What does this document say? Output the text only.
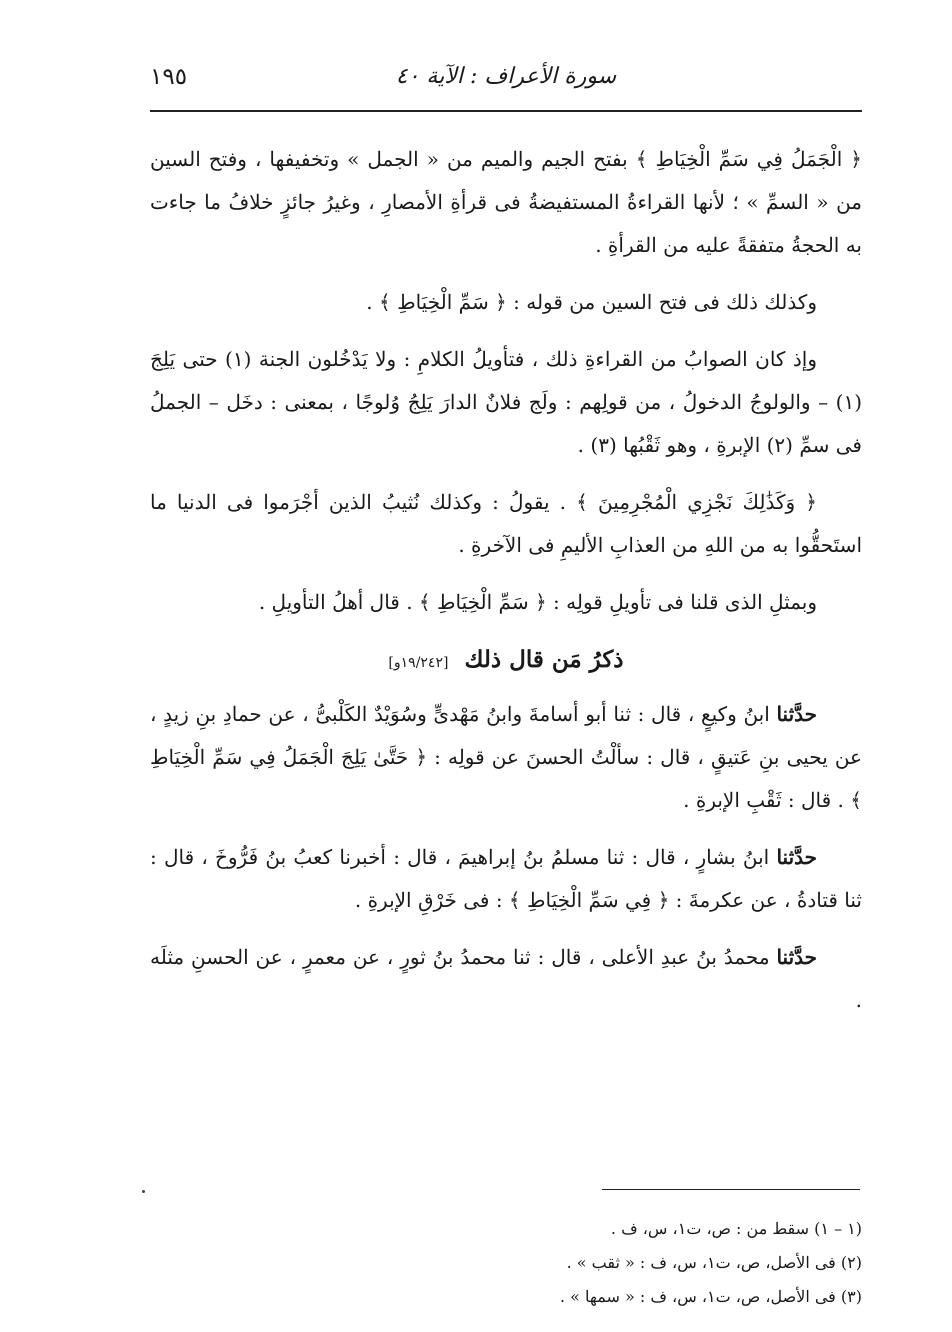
سورة الأعراف : الآية ٤٠
١٩٥

﴿ الْجَمَلُ فِي سَمِّ الْخِيَاطِ ﴾ بفتح الجيم والميم من « الجمل » وتخفيفها ، وفتح السين من « السمِّ » ؛ لأنها القراءةُ المستفيضةُ فى قرأةِ الأمصارِ ، وغيرُ جائزٍ خلافُ ما جاءت به الحجةُ متفقةً عليه من القرأةِ .

وكذلك ذلك فى فتح السين من قوله : ﴿ سَمِّ الْخِيَاطِ ﴾ .

وإذ كان الصوابُ من القراءةِ ذلك ، فتأويلُ الكلامِ : ولا يَدْخُلون الجنة (١) حتى يَلِجَ (١) – والولوجُ الدخولُ ، من قولِهم : ولَج فلانٌ الدارَ يَلِجُ وُلوجًا ، بمعنى : دخَل – الجملُ فى سمِّ (٢) الإبرةِ ، وهو ثَقْبُها (٣) .

﴿ وَكَذَٰلِكَ نَجْزِي الْمُجْرِمِينَ ﴾ . يقولُ : وكذلك نُثيبُ الذين أجْرَموا فى الدنيا ما استَحقُّوا به من اللهِ من العذابِ الأليمِ فى الآخرةِ .

وبمثلِ الذى قلنا فى تأويلِ قولِه : ﴿ سَمِّ الْخِيَاطِ ﴾ . قال أهلُ التأويلِ .

ذكرُ مَن قال ذلك [١٩/٢٤٢و]

حدَّثنا ابنُ وكيعٍ ، قال : ثنا أبو أسامةَ وابنُ مَهْدىٍّ وسُوَيْدٌ الكَلْبىُّ ، عن حمادِ بنِ زيدٍ ، عن يحيى بنِ عَتيقٍ ، قال : سألْتُ الحسنَ عن قولِه : ﴿ حَتَّىٰ يَلِجَ الْجَمَلُ فِي سَمِّ الْخِيَاطِ ﴾ . قال : ثَقْبِ الإبرةِ .

حدَّثنا ابنُ بشارٍ ، قال : ثنا مسلمُ بنُ إبراهيمَ ، قال : أخبرنا كعبُ بنُ فَرُّوخَ ، قال : ثنا قتادةُ ، عن عكرمةَ : ﴿ فِي سَمِّ الْخِيَاطِ ﴾ : فى خَرْقِ الإبرةِ .

حدَّثنا محمدُ بنُ عبدِ الأعلى ، قال : ثنا محمدُ بنُ ثورٍ ، عن معمرٍ ، عن الحسنِ مثلَه .

(١ – ١) سقط من : ص، ت١، س، ف .
(٢) فى الأصل، ص، ت١، س، ف : « ثقب » .
(٣) فى الأصل، ص، ت١، س، ف : « سمها » .
